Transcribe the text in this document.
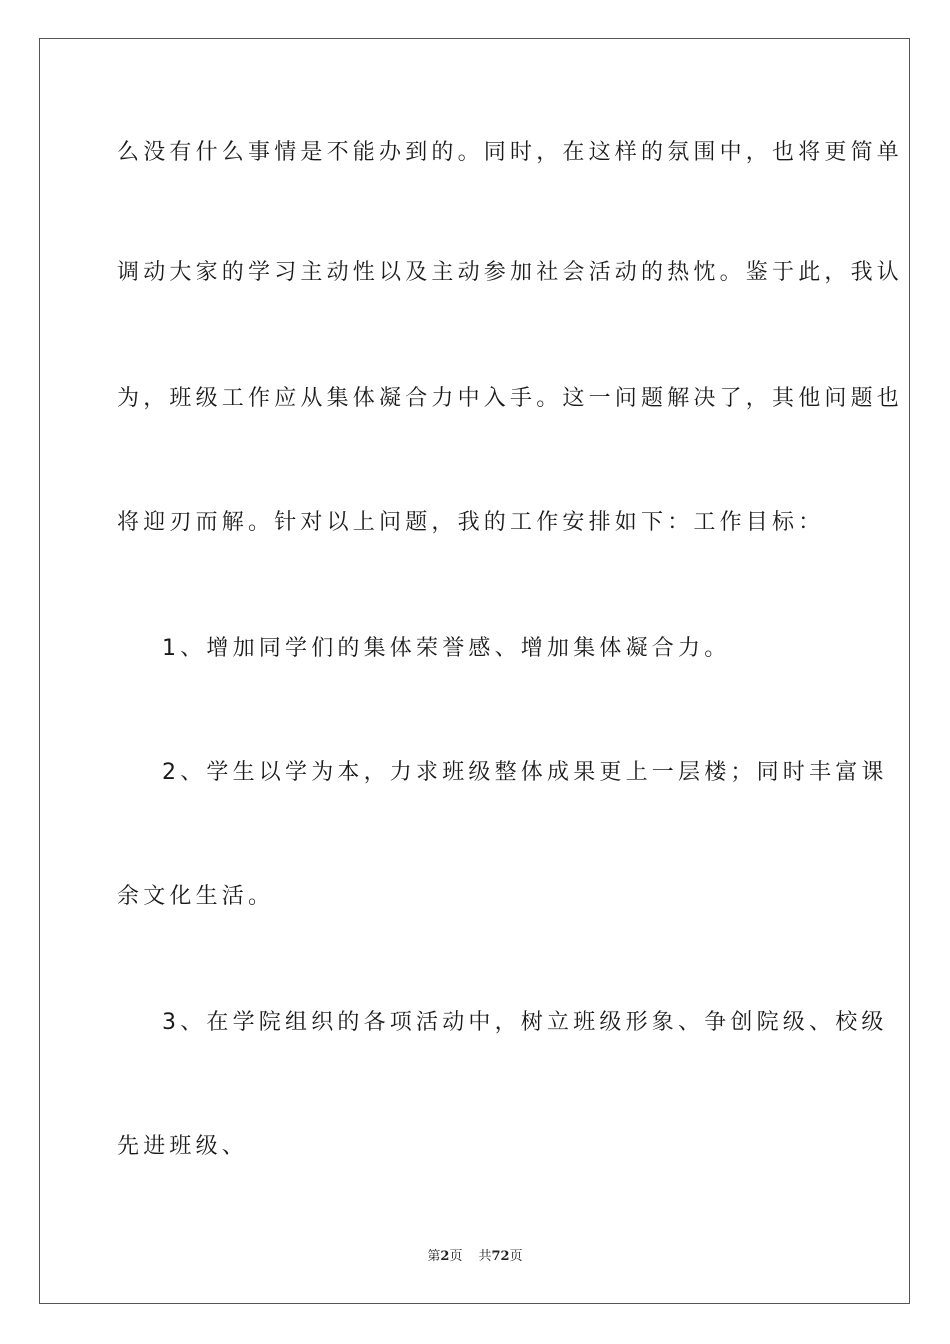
么没有什么事情是不能办到的。同时，在这样的氛围中，也将更简单
调动大家的学习主动性以及主动参加社会活动的热忱。鉴于此，我认
为，班级工作应从集体凝合力中入手。这一问题解决了，其他问题也
将迎刃而解。针对以上问题，我的工作安排如下：工作目标：
1、增加同学们的集体荣誉感、增加集体凝合力。
2、学生以学为本，力求班级整体成果更上一层楼；同时丰富课
余文化生活。
3、在学院组织的各项活动中，树立班级形象、争创院级、校级
先进班级、
第2页 共72页
